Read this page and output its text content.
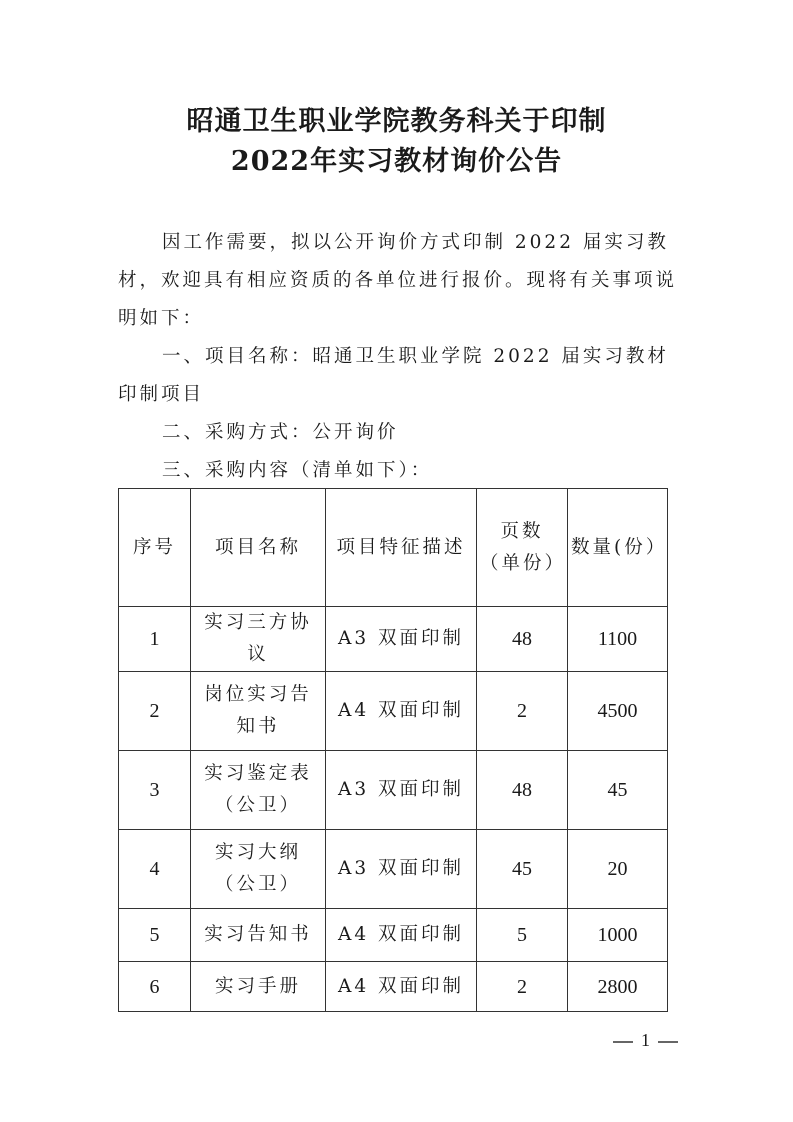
昭通卫生职业学院教务科关于印制
2022年实习教材询价公告
因工作需要，拟以公开询价方式印制 2022 届实习教材，欢迎具有相应资质的各单位进行报价。现将有关事项说明如下：
一、项目名称：昭通卫生职业学院 2022 届实习教材印制项目
二、采购方式：公开询价
三、采购内容（清单如下）：
序号	项目名称	项目特征描述	页数（单份）	数量(份）
1	实习三方协议	A3 双面印制	48	1100
2	岗位实习告知书	A4 双面印制	2	4500
3	实习鉴定表（公卫）	A3 双面印制	48	45
4	实习大纲（公卫）	A3 双面印制	45	20
5	实习告知书	A4 双面印制	5	1000
6	实习手册	A4 双面印制	2	2800
1
